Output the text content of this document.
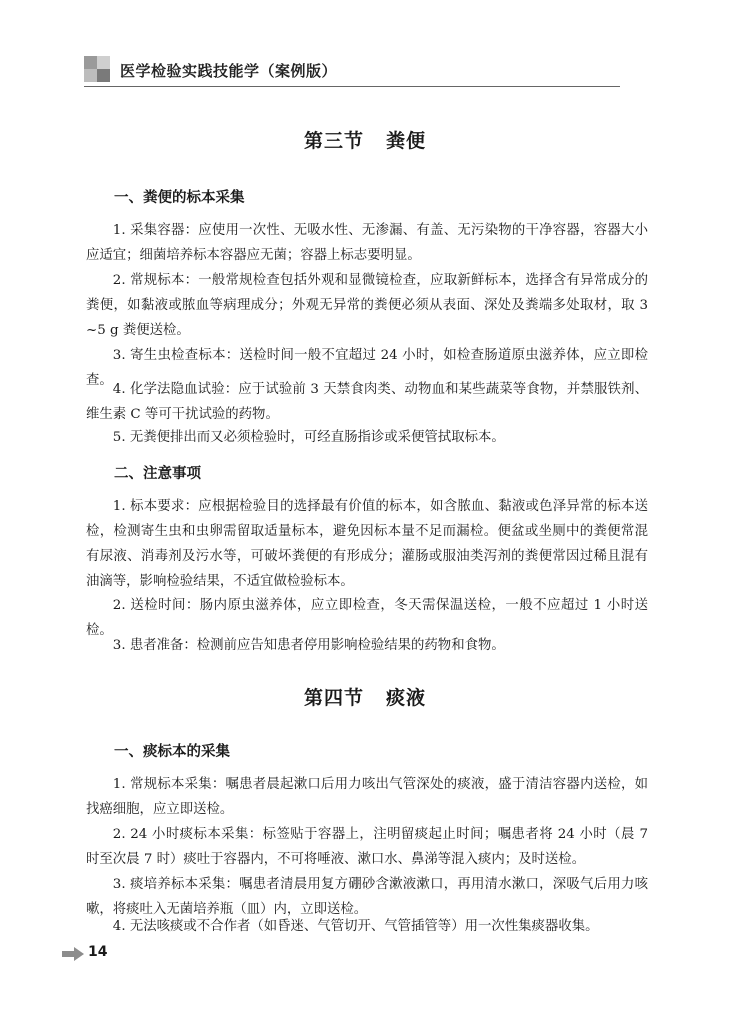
医学检验实践技能学（案例版）
第三节 粪便
一、粪便的标本采集

1. 采集容器：应使用一次性、无吸水性、无渗漏、有盖、无污染物的干净容器，容器大小应适宜；细菌培养标本容器应无菌；容器上标志要明显。

2. 常规标本：一般常规检查包括外观和显微镜检查，应取新鲜标本，选择含有异常成分的粪便，如黏液或脓血等病理成分；外观无异常的粪便必须从表面、深处及粪端多处取材，取 3 ~5 g 粪便送检。

3. 寄生虫检查标本：送检时间一般不宜超过 24 小时，如检查肠道原虫滋养体，应立即检查。

4. 化学法隐血试验：应于试验前 3 天禁食肉类、动物血和某些蔬菜等食物，并禁服铁剂、维生素 C 等可干扰试验的药物。

5. 无粪便排出而又必须检验时，可经直肠指诊或采便管拭取标本。

二、注意事项

1. 标本要求：应根据检验目的选择最有价值的标本，如含脓血、黏液或色泽异常的标本送检，检测寄生虫和虫卵需留取适量标本，避免因标本量不足而漏检。便盆或坐厕中的粪便常混有尿液、消毒剂及污水等，可破坏粪便的有形成分；灌肠或服油类泻剂的粪便常因过稀且混有油滴等，影响检验结果，不适宜做检验标本。

2. 送检时间：肠内原虫滋养体，应立即检查，冬天需保温送检，一般不应超过 1 小时送检。

3. 患者准备：检测前应告知患者停用影响检验结果的药物和食物。

第四节 痰液
一、痰标本的采集

1. 常规标本采集：嘱患者晨起漱口后用力咳出气管深处的痰液，盛于清洁容器内送检，如找癌细胞，应立即送检。

2. 24 小时痰标本采集：标签贴于容器上，注明留痰起止时间；嘱患者将 24 小时（晨 7 时至次晨 7 时）痰吐于容器内，不可将唾液、漱口水、鼻涕等混入痰内；及时送检。

3. 痰培养标本采集：嘱患者清晨用复方硼砂含漱液漱口，再用清水漱口，深吸气后用力咳嗽，将痰吐入无菌培养瓶（皿）内，立即送检。

4. 无法咳痰或不合作者（如昏迷、气管切开、气管插管等）用一次性集痰器收集。

14
